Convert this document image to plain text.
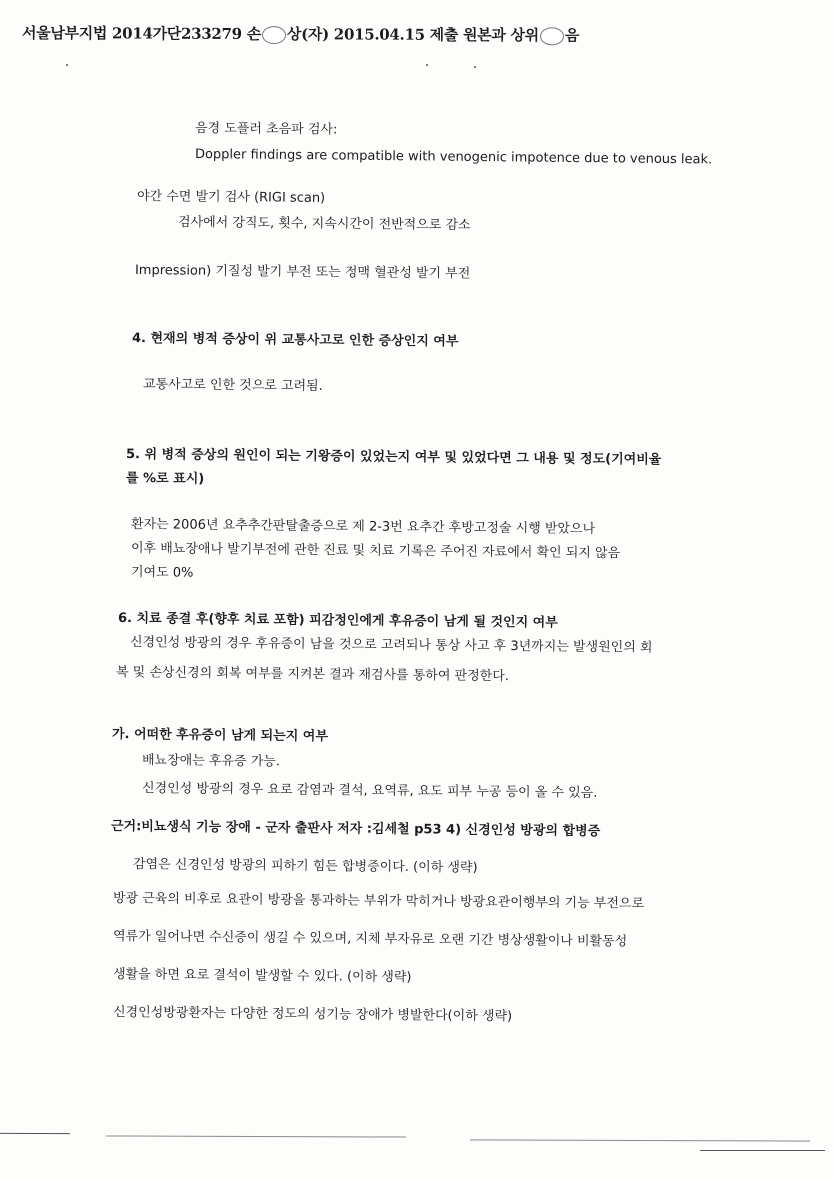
서울남부지법 2014가단233279 손 상(자) 2015.04.15 제출 원본과 상위 음
음경 도플러 초음파 검사:
Doppler findings are compatible with venogenic impotence due to venous leak.
야간 수면 발기 검사 (RIGI scan)
검사에서 강직도, 횟수, 지속시간이 전반적으로 감소
Impression) 기질성 발기 부전 또는 정맥 혈관성 발기 부전
4. 현재의 병적 증상이 위 교통사고로 인한 증상인지 여부
교통사고로 인한 것으로 고려됨.
5. 위 병적 증상의 원인이 되는 기왕증이 있었는지 여부 및 있었다면 그 내용 및 정도(기여비율
를 %로 표시)
환자는 2006년 요추추간판탈출증으로 제 2-3번 요추간 후방고정술 시행 받았으나
이후 배뇨장애나 발기부전에 관한 진료 및 치료 기록은 주어진 자료에서 확인 되지 않음
기여도 0%
6. 치료 종결 후(향후 치료 포함) 피감정인에게 후유증이 남게 될 것인지 여부
신경인성 방광의 경우 후유증이 남을 것으로 고려되나 통상 사고 후 3년까지는 발생원인의 회
복 및 손상신경의 회복 여부를 지켜본 결과 재검사를 통하여 판정한다.
가. 어떠한 후유증이 남게 되는지 여부
배뇨장애는 후유증 가능.
신경인성 방광의 경우 요로 감염과 결석, 요역류, 요도 피부 누공 등이 올 수 있음.
근거:비뇨생식 기능 장애 - 군자 출판사 저자 :김세철 p53 4) 신경인성 방광의 합병증
감염은 신경인성 방광의 피하기 힘든 합병증이다. (이하 생략)
방광 근육의 비후로 요관이 방광을 통과하는 부위가 막히거나 방광요관이행부의 기능 부전으로
역류가 일어나면 수신증이 생길 수 있으며, 지체 부자유로 오랜 기간 병상생활이나 비활동성
생활을 하면 요로 결석이 발생할 수 있다. (이하 생략)
신경인성방광환자는 다양한 정도의 성기능 장애가 병발한다(이하 생략)
